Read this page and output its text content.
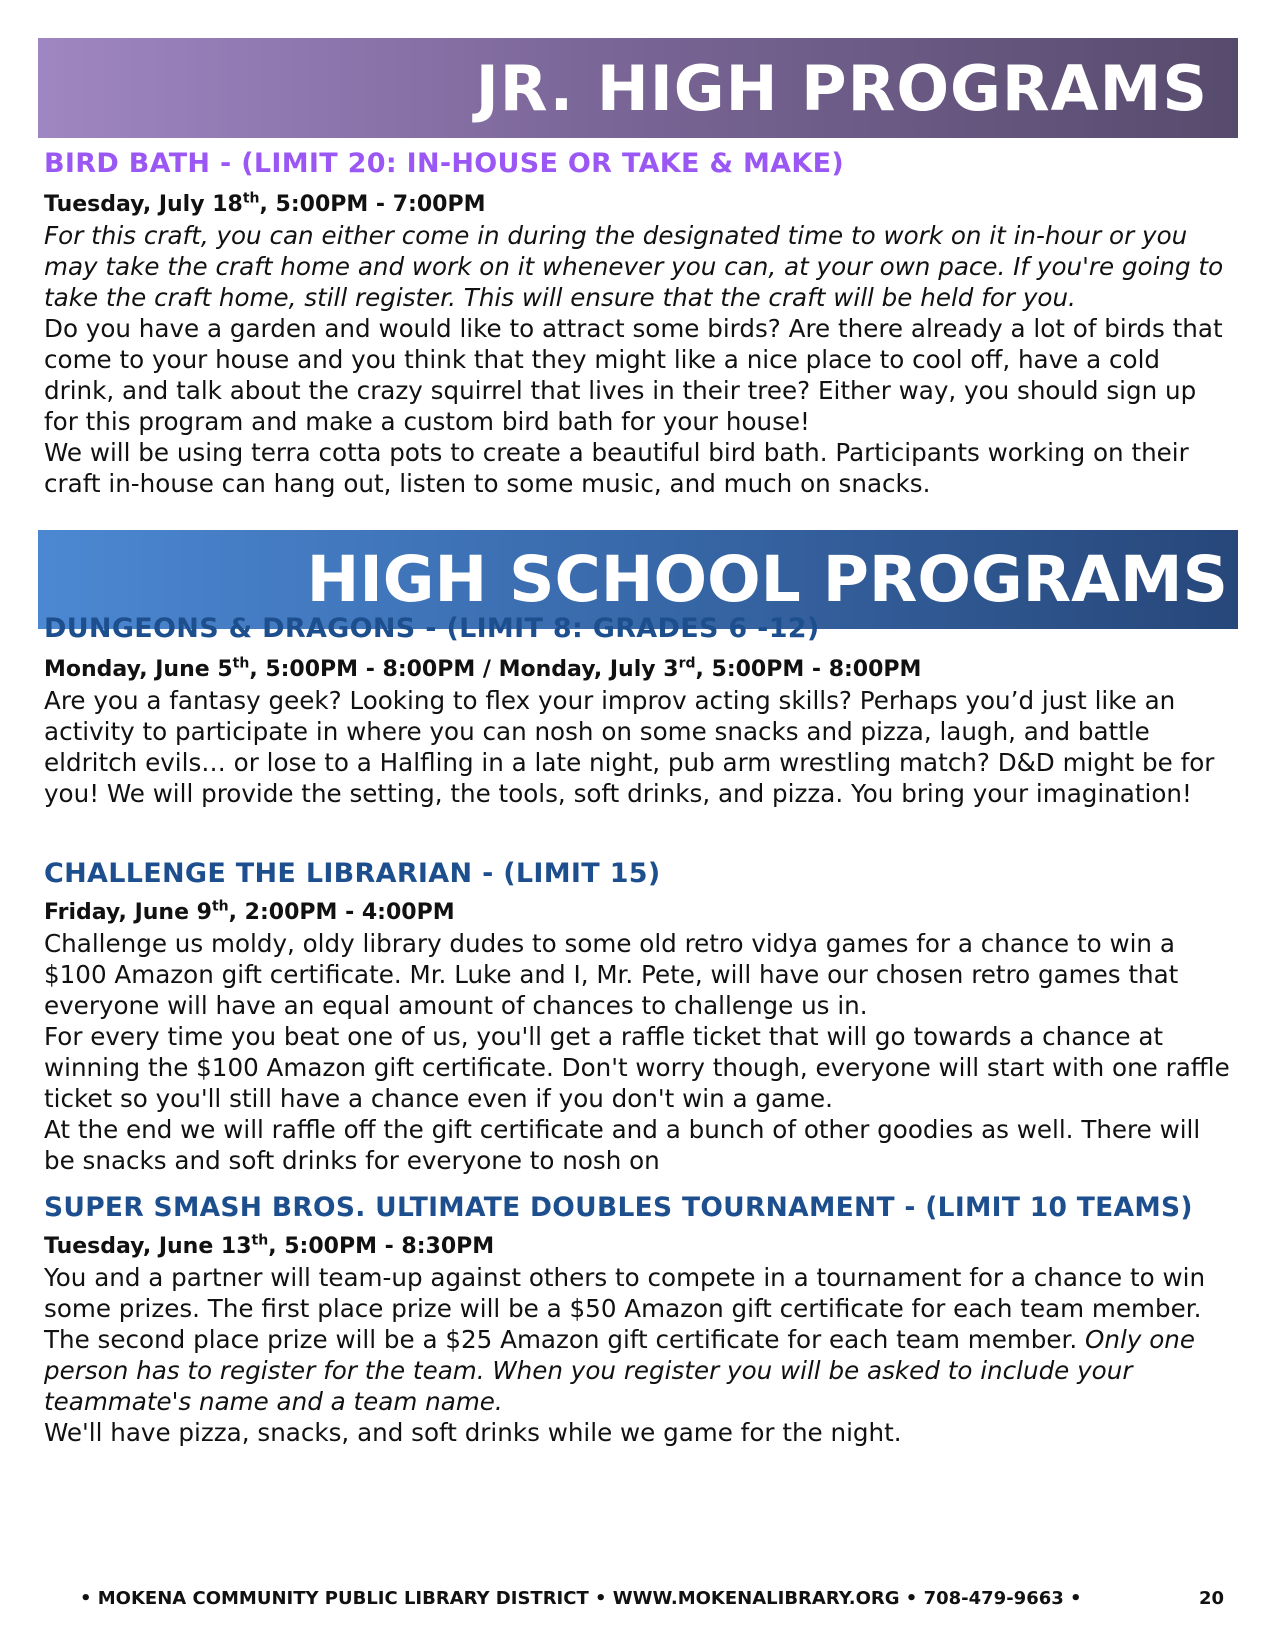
JR. HIGH PROGRAMS
BIRD BATH - (LIMIT 20: IN-HOUSE OR TAKE & MAKE)
Tuesday, July 18th, 5:00PM - 7:00PM

For this craft, you can either come in during the designated time to work on it in-hour or you may take the craft home and work on it whenever you can, at your own pace. If you're going to take the craft home, still register. This will ensure that the craft will be held for you.

Do you have a garden and would like to attract some birds? Are there already a lot of birds that come to your house and you think that they might like a nice place to cool off, have a cold drink, and talk about the crazy squirrel that lives in their tree? Either way, you should sign up for this program and make a custom bird bath for your house!

We will be using terra cotta pots to create a beautiful bird bath. Participants working on their craft in-house can hang out, listen to some music, and much on snacks.

HIGH SCHOOL PROGRAMS
DUNGEONS & DRAGONS - (LIMIT 8: GRADES 6 -12)
Monday, June 5th, 5:00PM - 8:00PM / Monday, July 3rd, 5:00PM - 8:00PM

Are you a fantasy geek? Looking to flex your improv acting skills? Perhaps you’d just like an activity to participate in where you can nosh on some snacks and pizza, laugh, and battle eldritch evils… or lose to a Halfling in a late night, pub arm wrestling match? D&D might be for you! We will provide the setting, the tools, soft drinks, and pizza. You bring your imagination!

CHALLENGE THE LIBRARIAN - (LIMIT 15)
Friday, June 9th, 2:00PM - 4:00PM

Challenge us moldy, oldy library dudes to some old retro vidya games for a chance to win a $100 Amazon gift certificate. Mr. Luke and I, Mr. Pete, will have our chosen retro games that everyone will have an equal amount of chances to challenge us in.

For every time you beat one of us, you'll get a raffle ticket that will go towards a chance at winning the $100 Amazon gift certificate. Don't worry though, everyone will start with one raffle ticket so you'll still have a chance even if you don't win a game.

At the end we will raffle off the gift certificate and a bunch of other goodies as well. There will be snacks and soft drinks for everyone to nosh on

SUPER SMASH BROS. ULTIMATE DOUBLES TOURNAMENT - (LIMIT 10 TEAMS)
Tuesday, June 13th, 5:00PM - 8:30PM

You and a partner will team-up against others to compete in a tournament for a chance to win some prizes. The first place prize will be a $50 Amazon gift certificate for each team member. The second place prize will be a $25 Amazon gift certificate for each team member. Only one person has to register for the team. When you register you will be asked to include your teammate's name and a team name.

We'll have pizza, snacks, and soft drinks while we game for the night.

• MOKENA COMMUNITY PUBLIC LIBRARY DISTRICT • WWW.MOKENALIBRARY.ORG • 708-479-9663 •	20
